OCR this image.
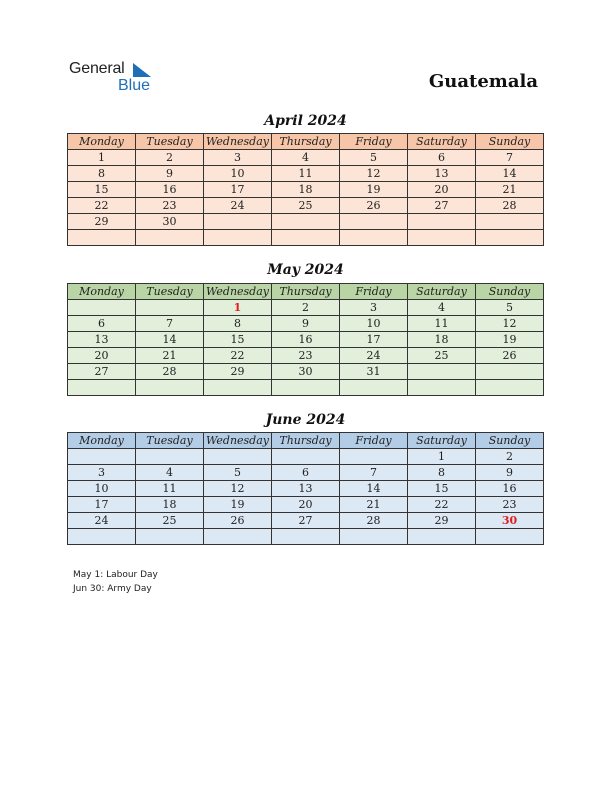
General
Blue	Guatemala
April 2024
Monday	Tuesday	Wednesday	Thursday	Friday	Saturday	Sunday
1	2	3	4	5	6	7
8	9	10	11	12	13	14
15	16	17	18	19	20	21
22	23	24	25	26	27	28
29	30					

May 2024
Monday	Tuesday	Wednesday	Thursday	Friday	Saturday	Sunday
		1	2	3	4	5
6	7	8	9	10	11	12
13	14	15	16	17	18	19
20	21	22	23	24	25	26
27	28	29	30	31		

June 2024
Monday	Tuesday	Wednesday	Thursday	Friday	Saturday	Sunday
					1	2
3	4	5	6	7	8	9
10	11	12	13	14	15	16
17	18	19	20	21	22	23
24	25	26	27	28	29	30

May 1: Labour Day
Jun 30: Army Day
